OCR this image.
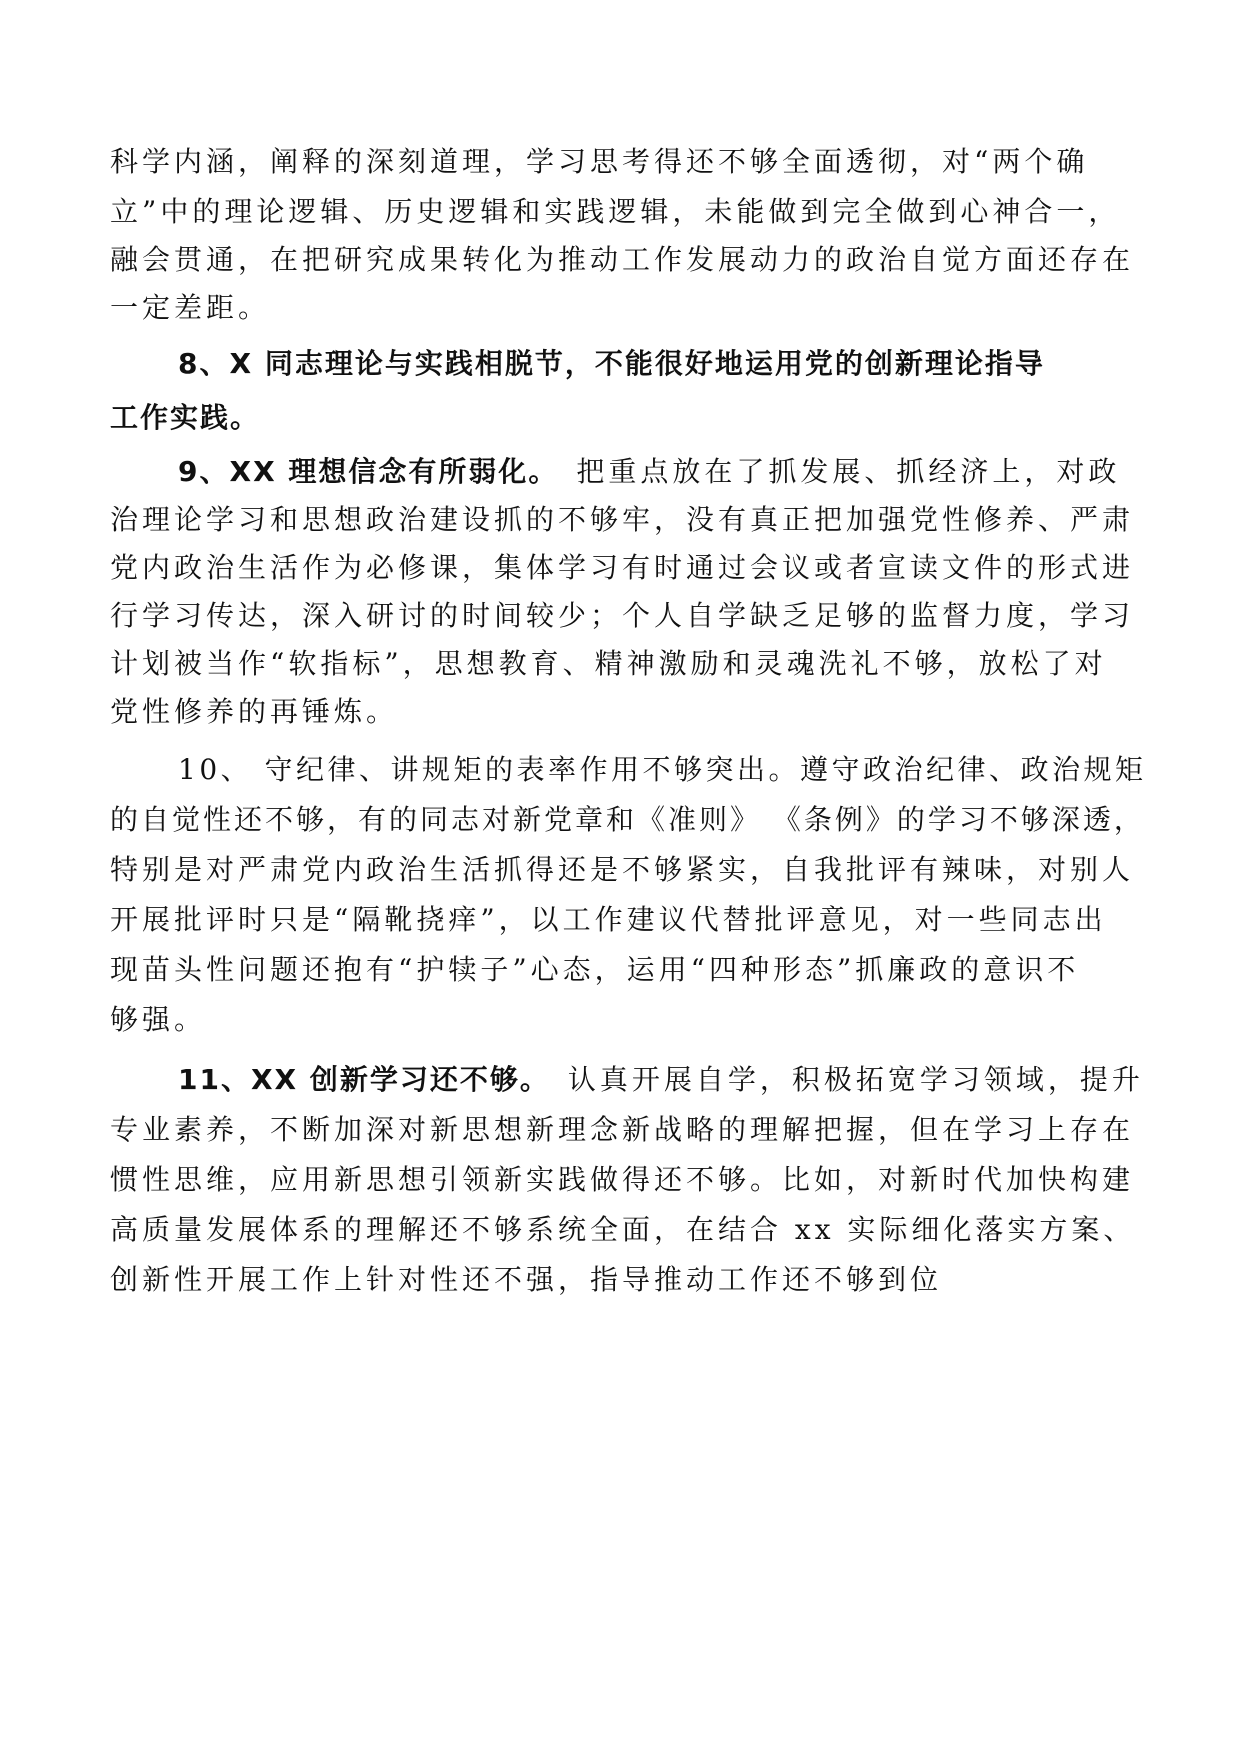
科学内涵，阐释的深刻道理，学习思考得还不够全面透彻，对“两个确
立”中的理论逻辑、历史逻辑和实践逻辑，未能做到完全做到心神合一，
融会贯通，在把研究成果转化为推动工作发展动力的政治自觉方面还存在
一定差距。
8、X 同志理论与实践相脱节，不能很好地运用党的创新理论指导
工作实践。
9、XX 理想信念有所弱化。 把重点放在了抓发展、抓经济上，对政
治理论学习和思想政治建设抓的不够牢，没有真正把加强党性修养、严肃
党内政治生活作为必修课，集体学习有时通过会议或者宣读文件的形式进
行学习传达，深入研讨的时间较少；个人自学缺乏足够的监督力度，学习
计划被当作“软指标”，思想教育、精神激励和灵魂洗礼不够，放松了对
党性修养的再锤炼。
10、 守纪律、讲规矩的表率作用不够突出。遵守政治纪律、政治规矩
的自觉性还不够，有的同志对新党章和《准则》 《条例》的学习不够深透，
特别是对严肃党内政治生活抓得还是不够紧实，自我批评有辣味，对别人
开展批评时只是“隔靴挠痒”，以工作建议代替批评意见，对一些同志出
现苗头性问题还抱有“护犊子”心态，运用“四种形态”抓廉政的意识不
够强。
11、XX 创新学习还不够。 认真开展自学，积极拓宽学习领域，提升
专业素养，不断加深对新思想新理念新战略的理解把握，但在学习上存在
惯性思维，应用新思想引领新实践做得还不够。比如，对新时代加快构建
高质量发展体系的理解还不够系统全面，在结合 xx 实际细化落实方案、
创新性开展工作上针对性还不强，指导推动工作还不够到位
